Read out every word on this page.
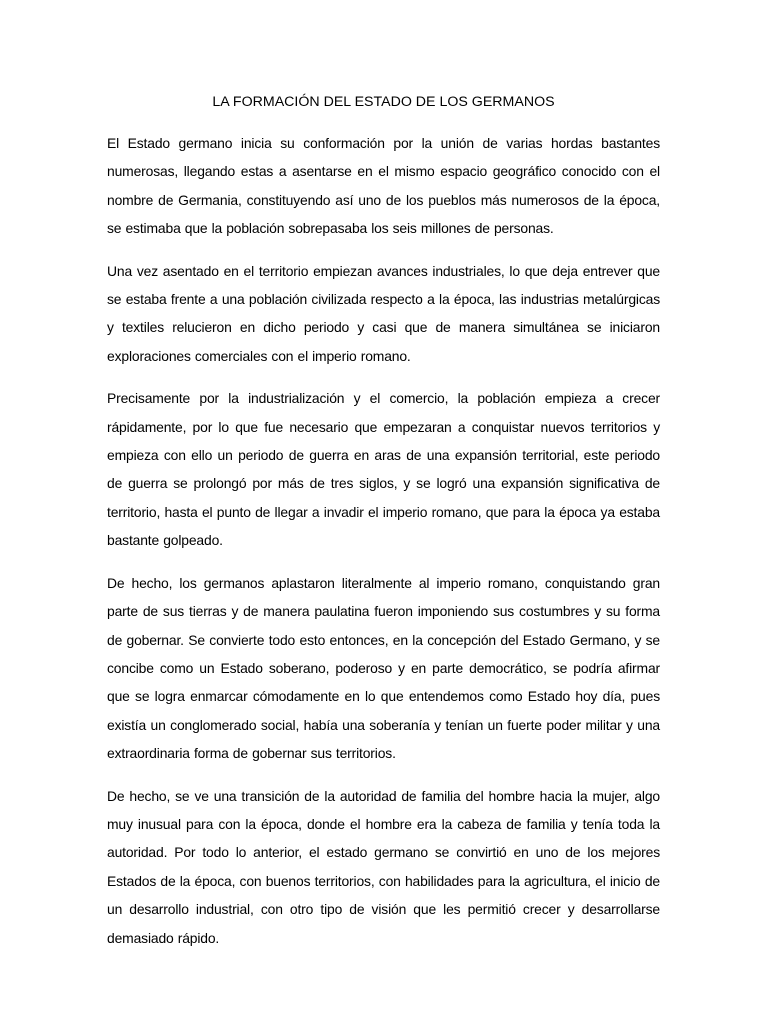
LA FORMACIÓN DEL ESTADO DE LOS GERMANOS

El Estado germano inicia su conformación por la unión de varias hordas bastantes numerosas, llegando estas a asentarse en el mismo espacio geográfico conocido con el nombre de Germania, constituyendo así uno de los pueblos más numerosos de la época, se estimaba que la población sobrepasaba los seis millones de personas.

Una vez asentado en el territorio empiezan avances industriales, lo que deja entrever que se estaba frente a una población civilizada respecto a la época, las industrias metalúrgicas y textiles relucieron en dicho periodo y casi que de manera simultánea se iniciaron exploraciones comerciales con el imperio romano.

Precisamente por la industrialización y el comercio, la población empieza a crecer rápidamente, por lo que fue necesario que empezaran a conquistar nuevos territorios y empieza con ello un periodo de guerra en aras de una expansión territorial, este periodo de guerra se prolongó por más de tres siglos, y se logró una expansión significativa de territorio, hasta el punto de llegar a invadir el imperio romano, que para la época ya estaba bastante golpeado.

De hecho, los germanos aplastaron literalmente al imperio romano, conquistando gran parte de sus tierras y de manera paulatina fueron imponiendo sus costumbres y su forma de gobernar. Se convierte todo esto entonces, en la concepción del Estado Germano, y se concibe como un Estado soberano, poderoso y en parte democrático, se podría afirmar que se logra enmarcar cómodamente en lo que entendemos como Estado hoy día, pues existía un conglomerado social, había una soberanía y tenían un fuerte poder militar y una extraordinaria forma de gobernar sus territorios.

De hecho, se ve una transición de la autoridad de familia del hombre hacia la mujer, algo muy inusual para con la época, donde el hombre era la cabeza de familia y tenía toda la autoridad. Por todo lo anterior, el estado germano se convirtió en uno de los mejores Estados de la época, con buenos territorios, con habilidades para la agricultura, el inicio de un desarrollo industrial, con otro tipo de visión que les permitió crecer y desarrollarse demasiado rápido.
